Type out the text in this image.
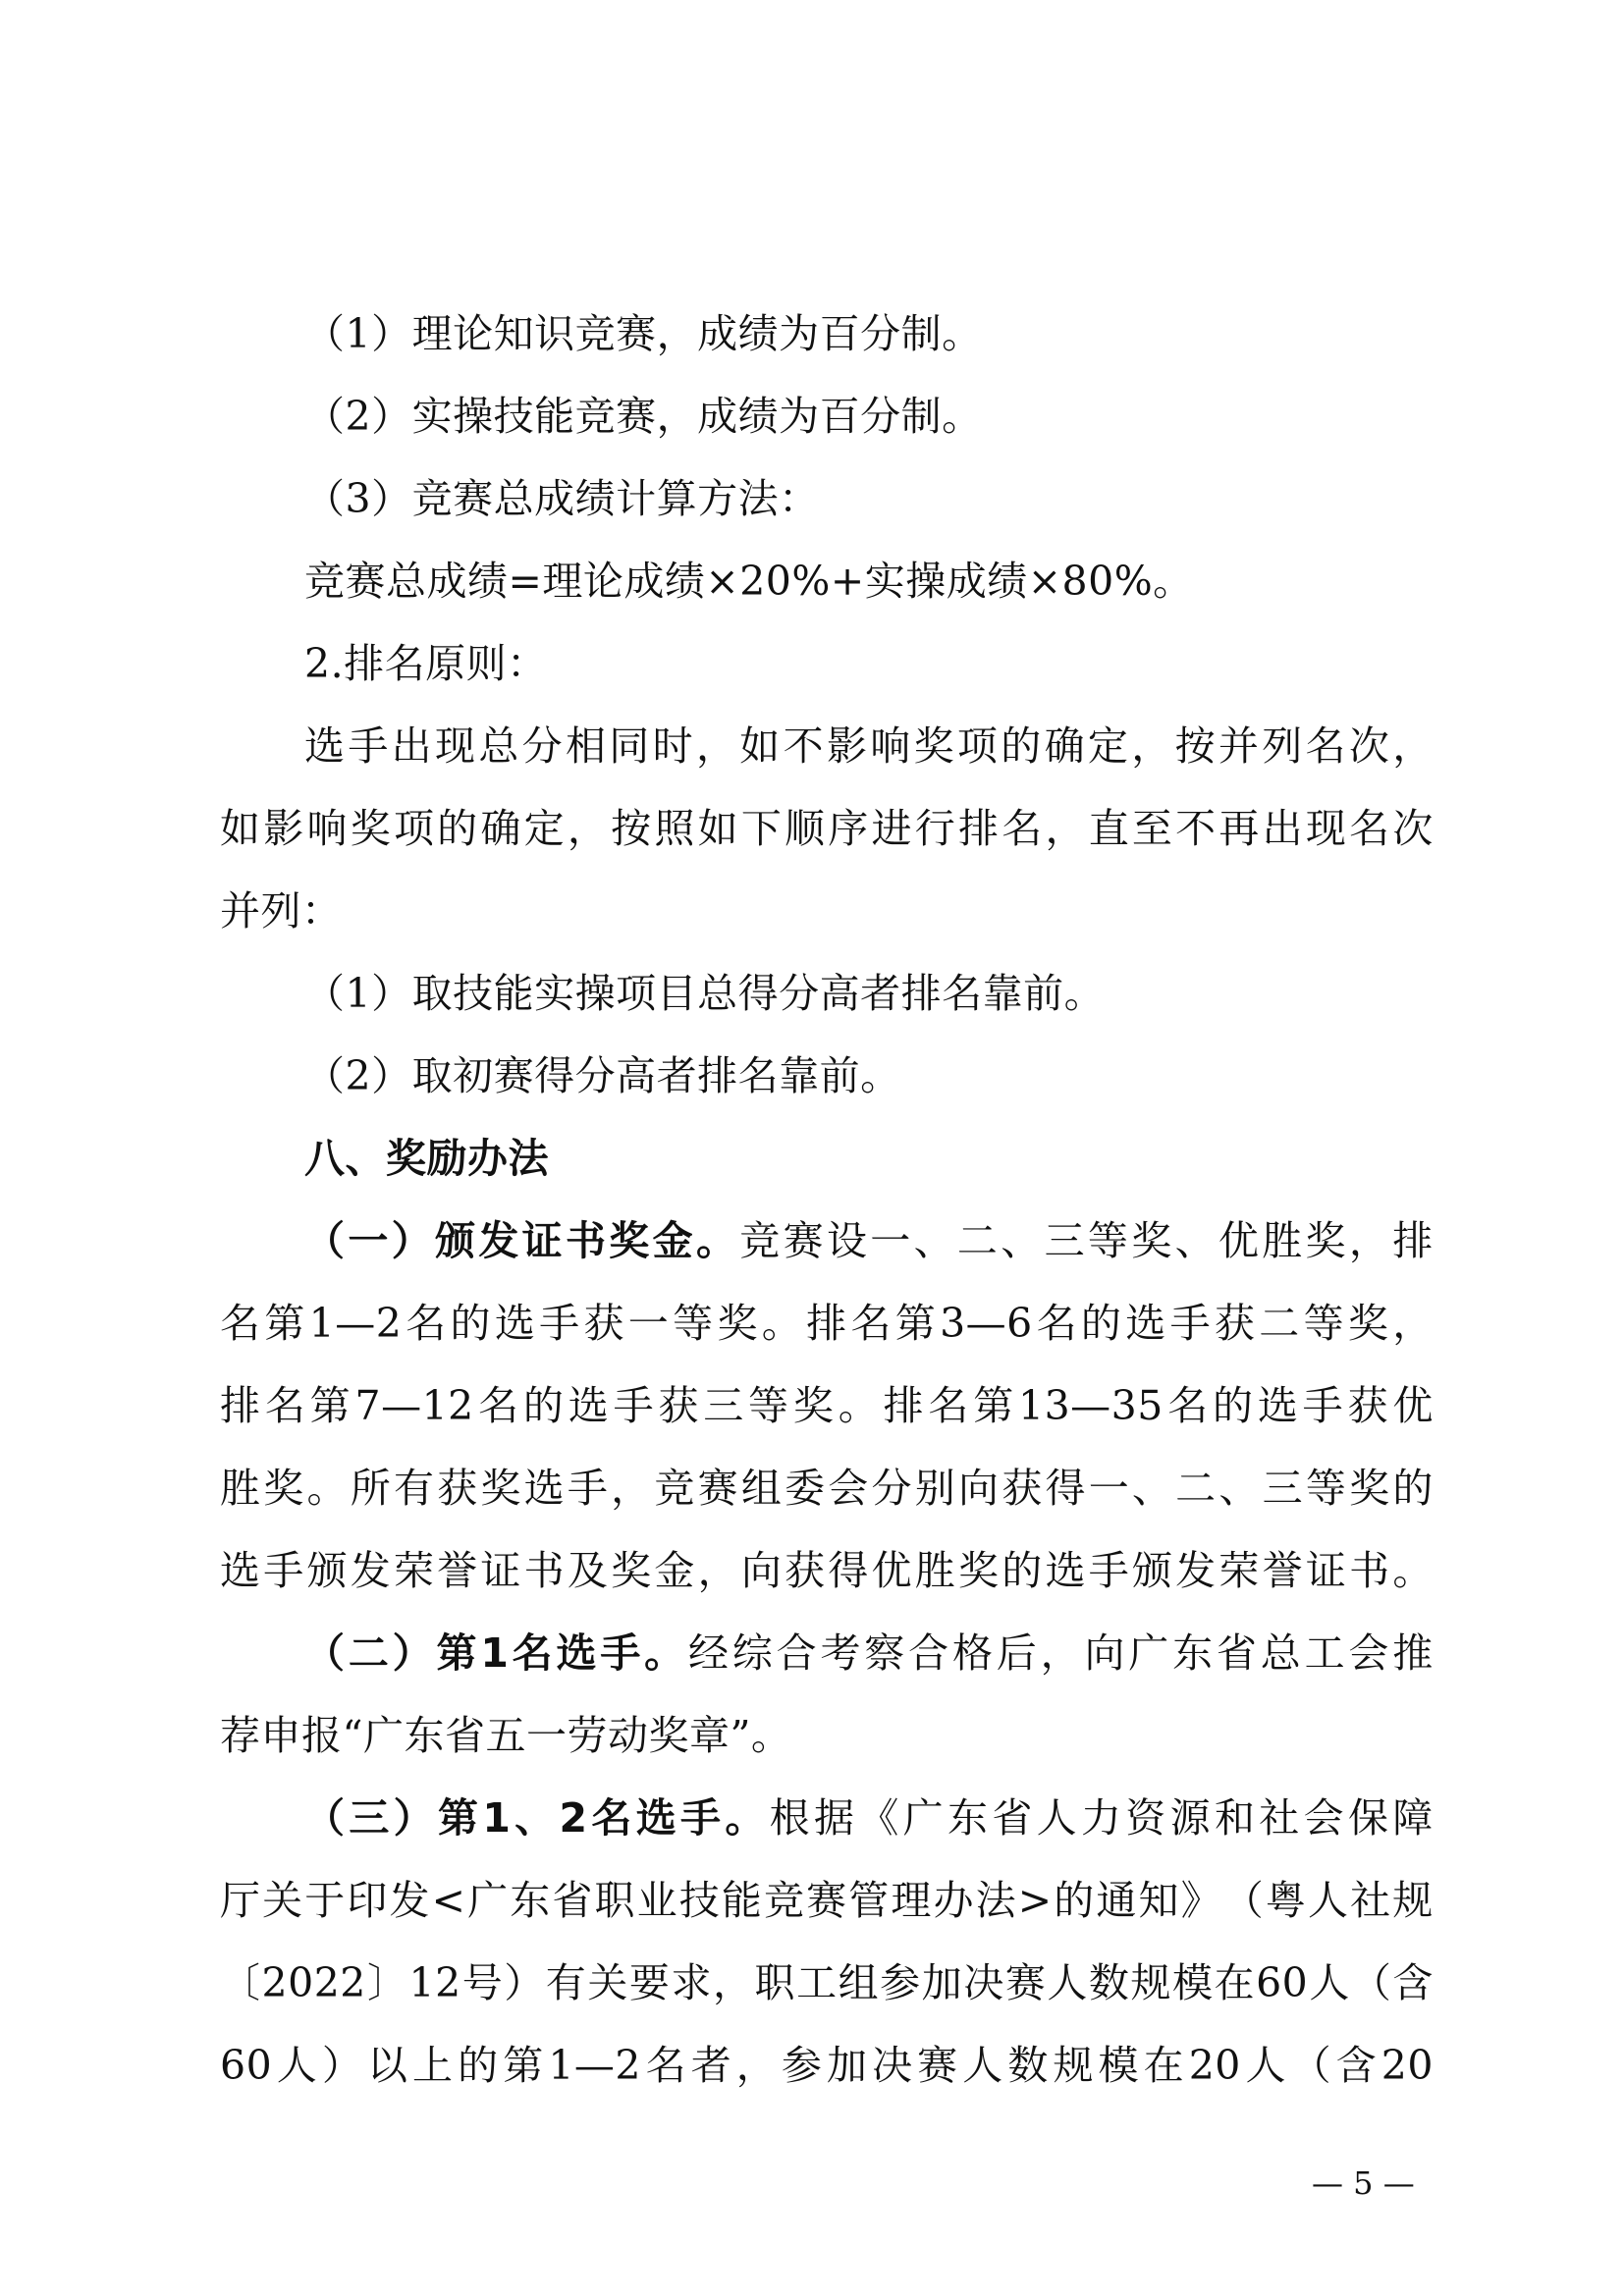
（1）理论知识竞赛，成绩为百分制。
（2）实操技能竞赛，成绩为百分制。
（3）竞赛总成绩计算方法：
竞赛总成绩=理论成绩×20%+实操成绩×80%。
2.排名原则：
选 手 出 现 总 分 相 同 时 ， 如 不 影 响 奖 项 的 确 定 ， 按 并 列 名 次 ，
如 影 响 奖 项 的 确 定 ， 按 照 如 下 顺 序 进 行 排 名 ， 直 至 不 再 出 现 名 次
并列：
（1）取技能实操项目总得分高者排名靠前。
（2）取初赛得分高者排名靠前。
八、奖励办法
（ 一 ） 颁 发 证 书 奖 金 。 竞 赛 设 一 、 二 、 三 等 奖 、 优 胜 奖 ， 排
名 第 1—2 名 的 选 手 获 一 等 奖 。 排 名 第 3—6 名 的 选 手 获 二 等 奖 ，
排 名 第 7—12 名 的 选 手 获 三 等 奖 。 排 名 第 13—35 名 的 选 手 获 优
胜 奖 。 所 有 获 奖 选 手 ， 竞 赛 组 委 会 分 别 向 获 得 一 、 二 、 三 等 奖 的
选 手 颁 发 荣 誉 证 书 及 奖 金 ， 向 获 得 优 胜 奖 的 选 手 颁 发 荣 誉 证 书 。
（ 二 ） 第 1 名 选 手 。 经 综 合 考 察 合 格 后 ， 向 广 东 省 总 工 会 推
荐申报“广东省五一劳动奖章”。
（ 三 ） 第 1 、 2 名 选 手 。 根 据 《 广 东 省 人 力 资 源 和 社 会 保 障
厅 关 于 印 发 < 广 东 省 职 业 技 能 竞 赛 管 理 办 法 > 的 通 知 》 （ 粤 人 社 规
〔 2022 〕 12 号 ） 有 关 要 求 ， 职 工 组 参 加 决 赛 人 数 规 模 在 60 人 （ 含
60 人 ） 以 上 的 第 1—2 名 者 ， 参 加 决 赛 人 数 规 模 在 20 人 （ 含 20
— 5 —
